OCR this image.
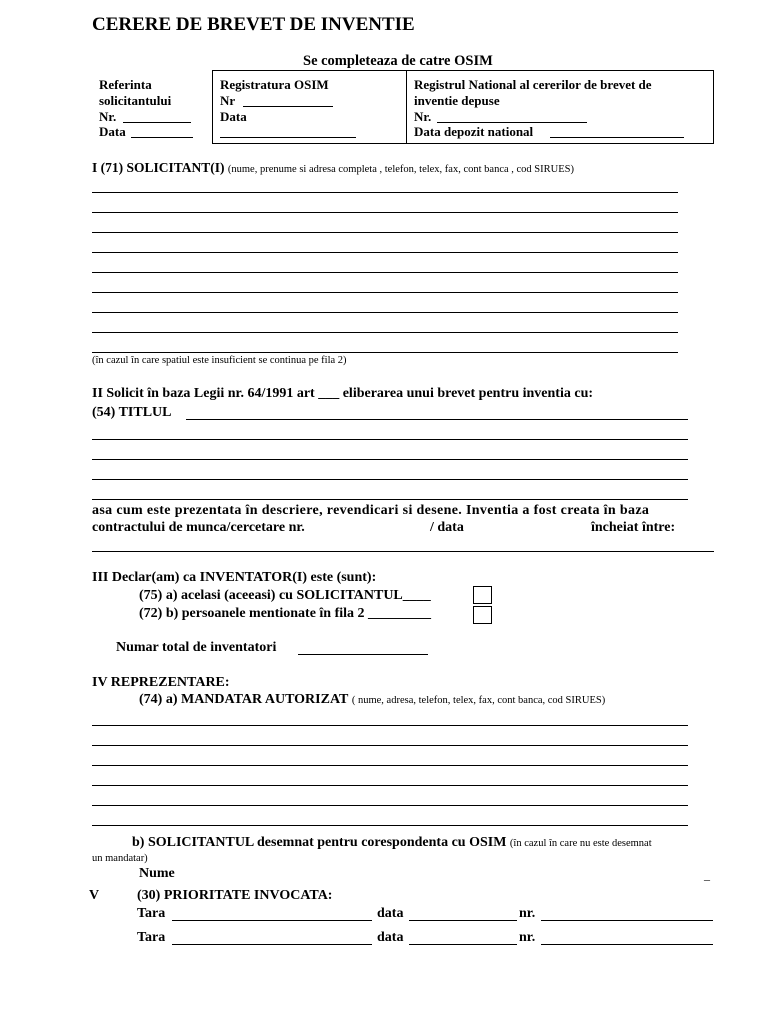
CERERE DE BREVET DE INVENTIE
Se completeaza de catre OSIM
Referinta
solicitantului
Nr.
Data
Registratura OSIM
Nr
Data
Registrul National al cererilor de brevet de
inventie depuse
Nr.
Data depozit national
I (71) SOLICITANT(I) (nume, prenume si adresa completa , telefon, telex, fax, cont banca , cod SIRUES)
(în cazul în care spatiul este insuficient se continua pe fila 2)
II Solicit în baza Legii nr. 64/1991 art ___ eliberarea unui brevet pentru inventia cu:
(54) TITLUL
asa cum este prezentata în descriere, revendicari si desene. Inventia a fost creata în baza
contractului de munca/cercetare nr.	/ data	încheiat între:
III Declar(am) ca INVENTATOR(I) este (sunt):
(75) a) acelasi (aceeasi) cu SOLICITANTUL____
(72) b) persoanele mentionate în fila 2 _________
Numar total de inventatori
IV REPREZENTARE:
(74) a) MANDATAR AUTORIZAT ( nume, adresa, telefon, telex, fax, cont banca, cod SIRUES)
b) SOLICITANTUL desemnat pentru corespondenta cu OSIM (în cazul în care nu este desemnat
un mandatar)
Nume	_
V	(30) PRIORITATE INVOCATA:
Tara	data	nr.
Tara	data	nr.
